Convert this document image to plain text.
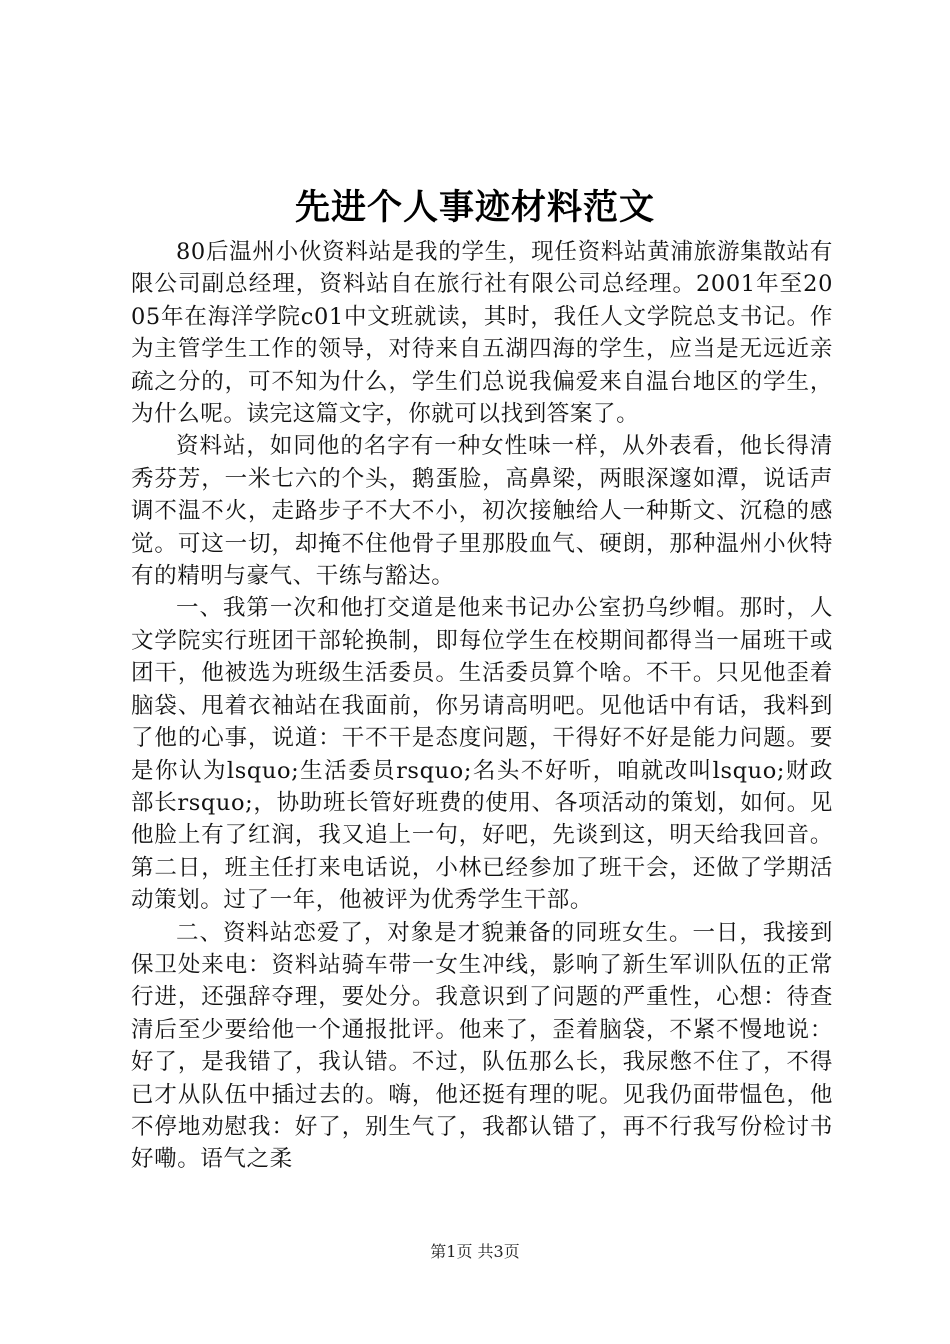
先进个人事迹材料范文

80后温州小伙资料站是我的学生，现任资料站黄浦旅游集散站有限公司副总经理，资料站自在旅行社有限公司总经理。2001年至2005年在海洋学院c01中文班就读，其时，我任人文学院总支书记。作为主管学生工作的领导，对待来自五湖四海的学生，应当是无远近亲疏之分的，可不知为什么，学生们总说我偏爱来自温台地区的学生，为什么呢。读完这篇文字，你就可以找到答案了。

资料站，如同他的名字有一种女性味一样，从外表看，他长得清秀芬芳，一米七六的个头，鹅蛋脸，高鼻梁，两眼深邃如潭，说话声调不温不火，走路步子不大不小，初次接触给人一种斯文、沉稳的感觉。可这一切，却掩不住他骨子里那股血气、硬朗，那种温州小伙特有的精明与豪气、干练与豁达。

一、我第一次和他打交道是他来书记办公室扔乌纱帽。那时，人文学院实行班团干部轮换制，即每位学生在校期间都得当一届班干或团干，他被选为班级生活委员。生活委员算个啥。不干。只见他歪着脑袋、甩着衣袖站在我面前，你另请高明吧。见他话中有话，我料到了他的心事，说道：干不干是态度问题，干得好不好是能力问题。要是你认为lsquo;生活委员rsquo;名头不好听，咱就改叫lsquo;财政部长rsquo;，协助班长管好班费的使用、各项活动的策划，如何。见他脸上有了红润，我又追上一句，好吧，先谈到这，明天给我回音。第二日，班主任打来电话说，小林已经参加了班干会，还做了学期活动策划。过了一年，他被评为优秀学生干部。

二、资料站恋爱了，对象是才貌兼备的同班女生。一日，我接到保卫处来电：资料站骑车带一女生冲线，影响了新生军训队伍的正常行进，还强辞夺理，要处分。我意识到了问题的严重性，心想：待查清后至少要给他一个通报批评。他来了，歪着脑袋，不紧不慢地说：好了，是我错了，我认错。不过，队伍那么长，我尿憋不住了，不得已才从队伍中插过去的。嗨，他还挺有理的呢。见我仍面带愠色，他不停地劝慰我：好了，别生气了，我都认错了，再不行我写份检讨书好嘞。语气之柔

第1页 共3页
